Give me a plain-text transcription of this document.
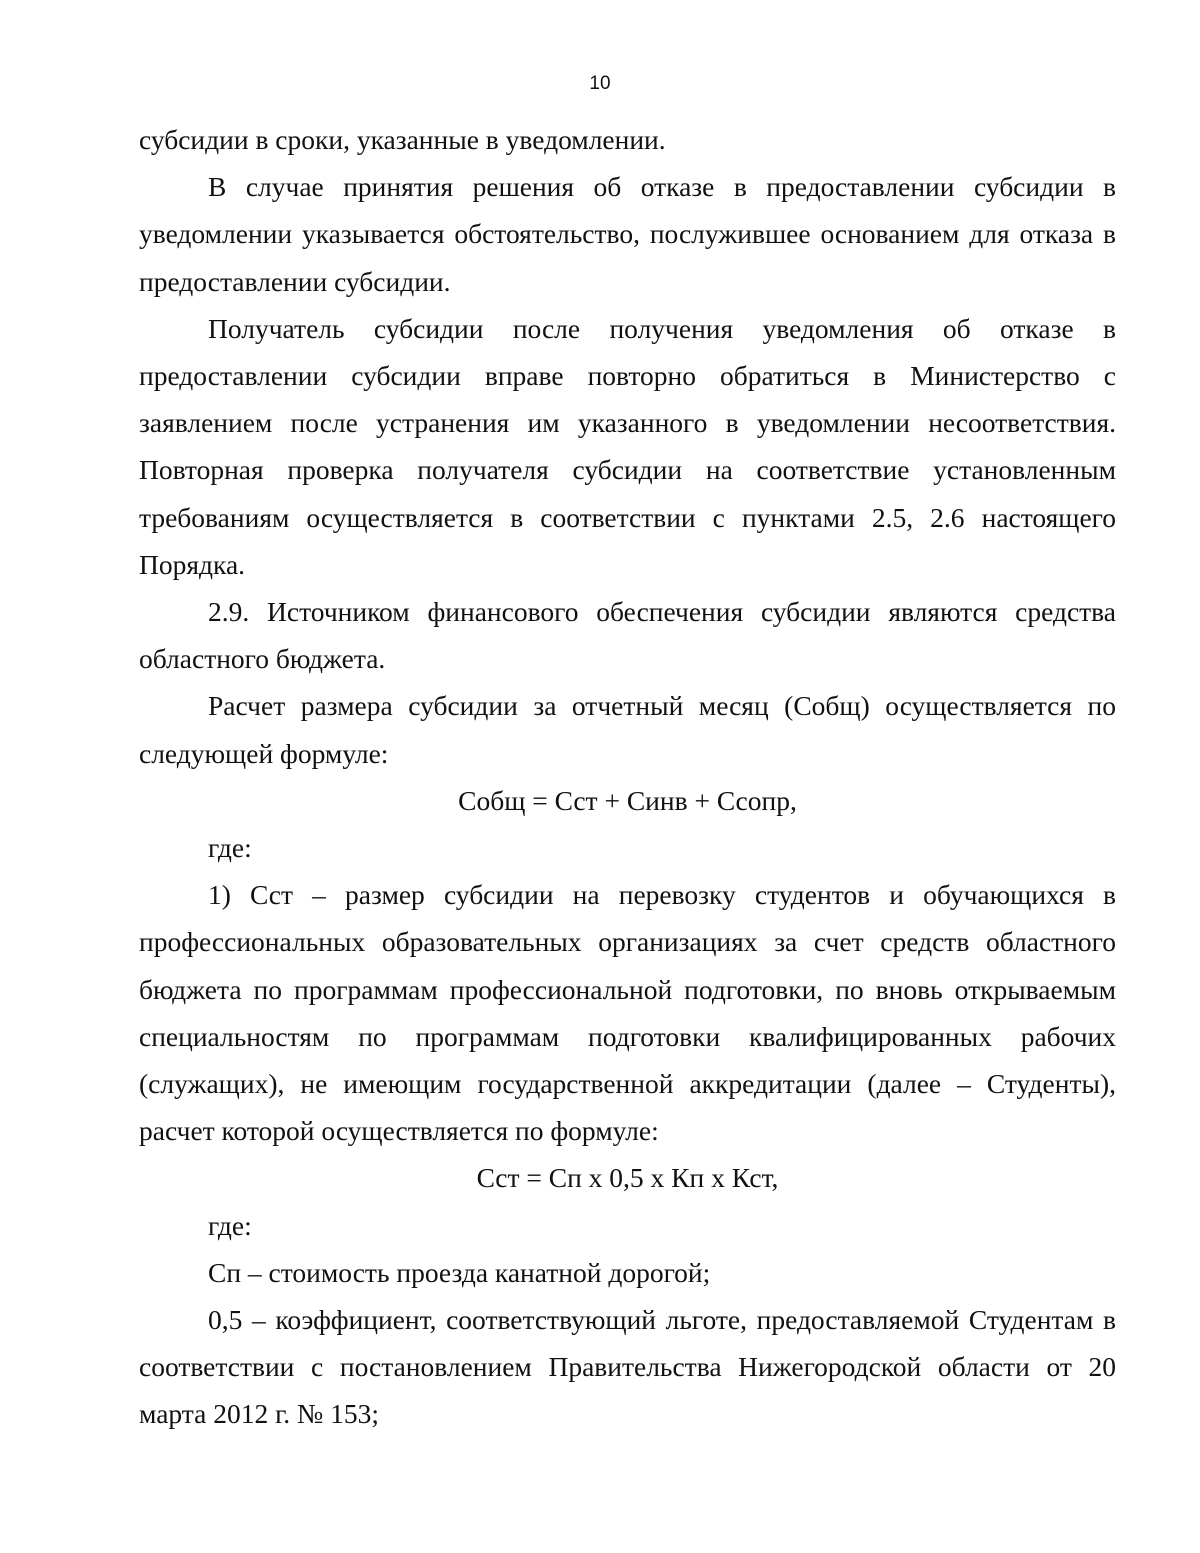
10

субсидии в сроки, указанные в уведомлении.

В случае принятия решения об отказе в предоставлении субсидии в уведомлении указывается обстоятельство, послужившее основанием для отказа в предоставлении субсидии.

Получатель субсидии после получения уведомления об отказе в предоставлении субсидии вправе повторно обратиться в Министерство с заявлением после устранения им указанного в уведомлении несоответствия. Повторная проверка получателя субсидии на соответствие установленным требованиям осуществляется в соответствии с пунктами 2.5, 2.6 настоящего Порядка.

2.9. Источником финансового обеспечения субсидии являются средства областного бюджета.

Расчет размера субсидии за отчетный месяц (Собщ) осуществляется по следующей формуле:

Собщ = Сст + Синв + Ссопр,

где:

1) Сст – размер субсидии на перевозку студентов и обучающихся в профессиональных образовательных организациях за счет средств областного бюджета по программам профессиональной подготовки, по вновь открываемым специальностям по программам подготовки квалифицированных рабочих (служащих), не имеющим государственной аккредитации (далее – Студенты), расчет которой осуществляется по формуле:

Сст = Сп х 0,5 х Кп х Кст,

где:

Сп – стоимость проезда канатной дорогой;

0,5 – коэффициент, соответствующий льготе, предоставляемой Студентам в соответствии с постановлением Правительства Нижегородской области от 20 марта 2012 г. № 153;
